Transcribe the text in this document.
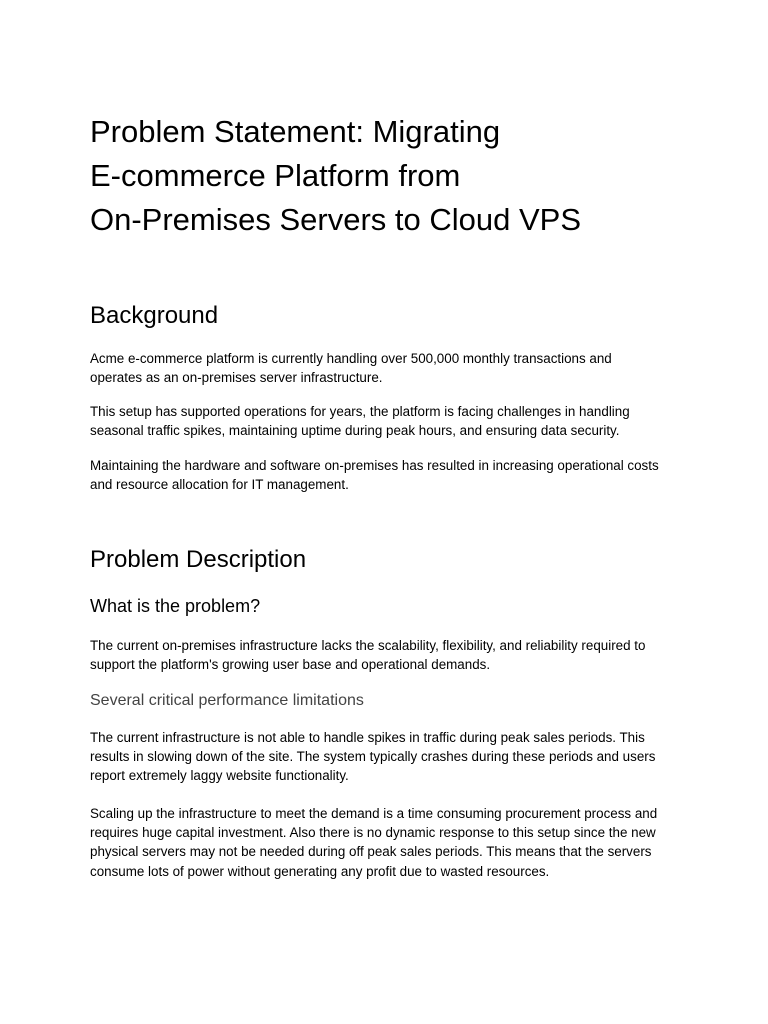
Problem Statement: Migrating
E-commerce Platform from
On-Premises Servers to Cloud VPS
Background

Acme e-commerce platform is currently handling over 500,000 monthly transactions and
operates as an on-premises server infrastructure.

This setup has supported operations for years, the platform is facing challenges in handling
seasonal traffic spikes, maintaining uptime during peak hours, and ensuring data security.

Maintaining the hardware and software on-premises has resulted in increasing operational costs
and resource allocation for IT management.

Problem Description
What is the problem?

The current on-premises infrastructure lacks the scalability, flexibility, and reliability required to
support the platform's growing user base and operational demands.

Several critical performance limitations

The current infrastructure is not able to handle spikes in traffic during peak sales periods. This
results in slowing down of the site. The system typically crashes during these periods and users
report extremely laggy website functionality.

Scaling up the infrastructure to meet the demand is a time consuming procurement process and
requires huge capital investment. Also there is no dynamic response to this setup since the new
physical servers may not be needed during off peak sales periods. This means that the servers
consume lots of power without generating any profit due to wasted resources.
